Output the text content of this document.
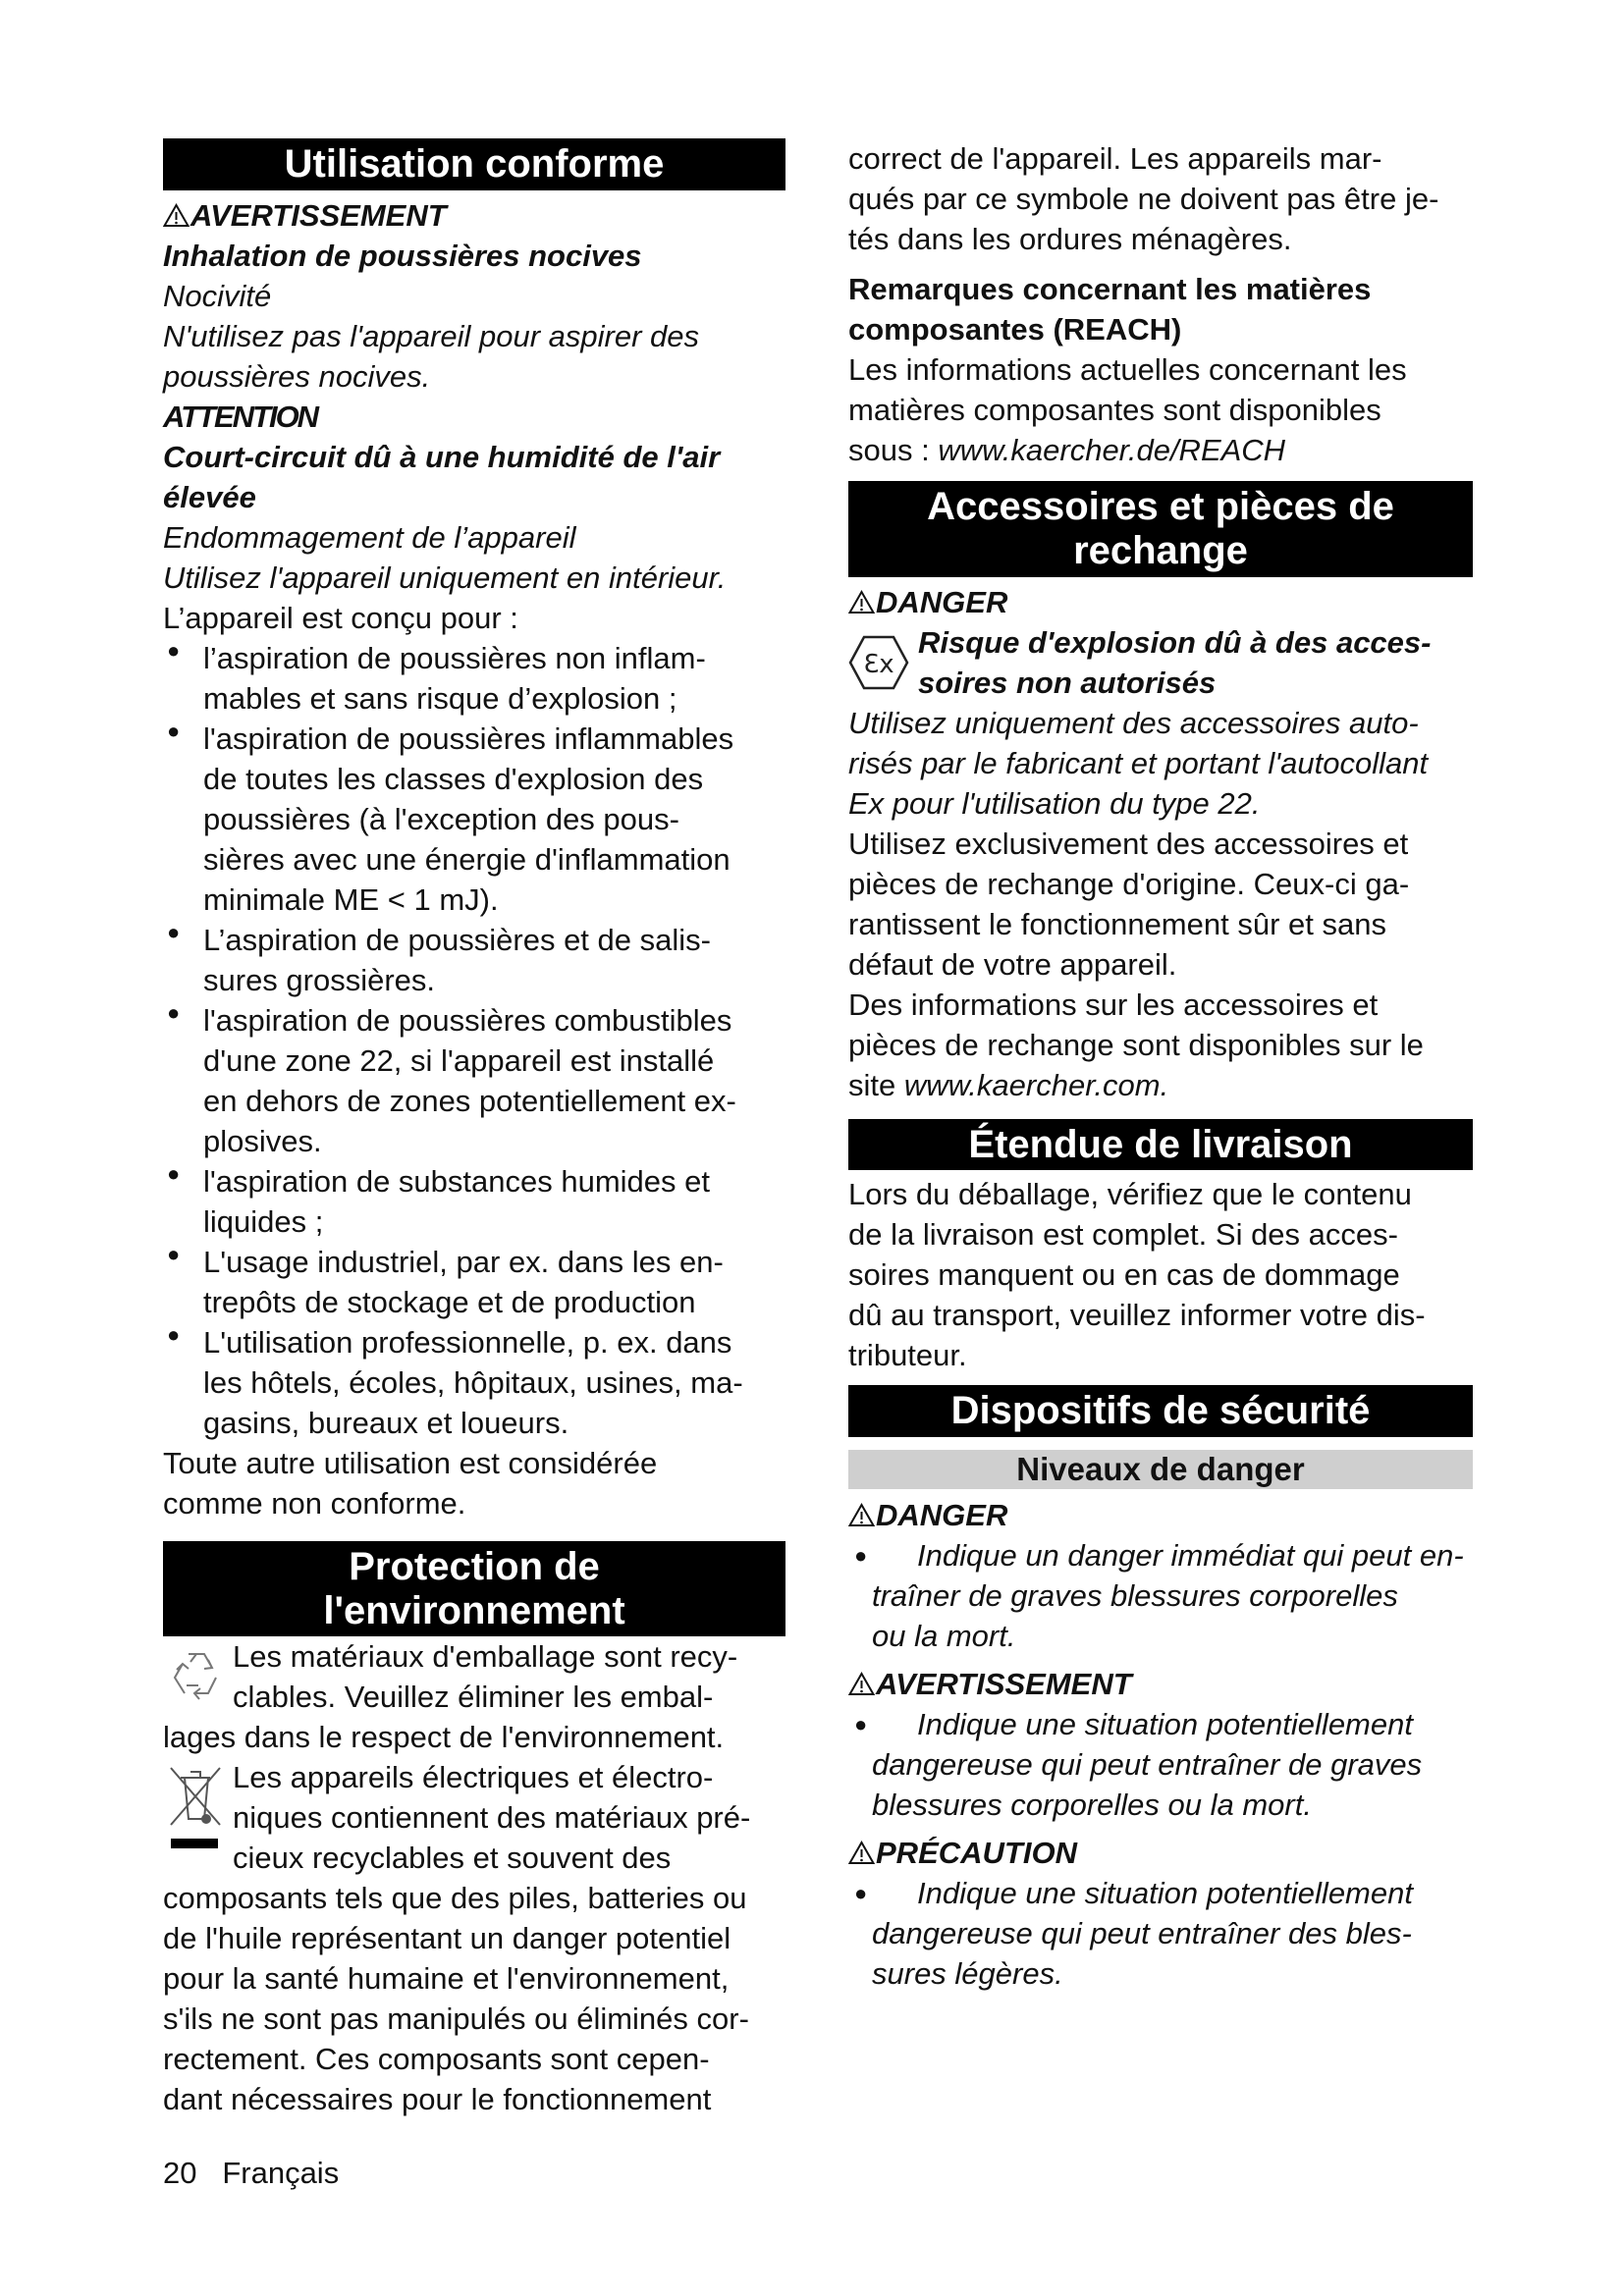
Utilisation conforme
AVERTISSEMENT
Inhalation de poussières nocives
Nocivité
N'utilisez pas l'appareil pour aspirer des
poussières nocives.
ATTENTION
Court-circuit dû à une humidité de l'air
élevée
Endommagement de l’appareil
Utilisez l'appareil uniquement en intérieur.
L’appareil est conçu pour :
● l’aspiration de poussières non inflam-
mables et sans risque d’explosion ;
● l'aspiration de poussières inflammables
de toutes les classes d'explosion des
poussières (à l'exception des pous-
sières avec une énergie d'inflammation
minimale ME < 1 mJ).
● L’aspiration de poussières et de salis-
sures grossières.
● l'aspiration de poussières combustibles
d'une zone 22, si l'appareil est installé
en dehors de zones potentiellement ex-
plosives.
● l'aspiration de substances humides et
liquides ;
● L'usage industriel, par ex. dans les en-
trepôts de stockage et de production
● L'utilisation professionnelle, p. ex. dans
les hôtels, écoles, hôpitaux, usines, ma-
gasins, bureaux et loueurs.
Toute autre utilisation est considérée
comme non conforme.
Protection de
l'environnement
Les matériaux d'emballage sont recy-
clables. Veuillez éliminer les embal-
lages dans le respect de l'environnement.
Les appareils électriques et électro-
niques contiennent des matériaux pré-
cieux recyclables et souvent des
composants tels que des piles, batteries ou
de l'huile représentant un danger potentiel
pour la santé humaine et l'environnement,
s'ils ne sont pas manipulés ou éliminés cor-
rectement. Ces composants sont cepen-
dant nécessaires pour le fonctionnement
20 Français
correct de l'appareil. Les appareils mar-
qués par ce symbole ne doivent pas être je-
tés dans les ordures ménagères.
Remarques concernant les matières
composantes (REACH)
Les informations actuelles concernant les
matières composantes sont disponibles
sous : www.kaercher.de/REACH
Accessoires et pièces de
rechange
DANGER
Ɛx
Risque d'explosion dû à des acces-
soires non autorisés
Utilisez uniquement des accessoires auto-
risés par le fabricant et portant l'autocollant
Ex pour l'utilisation du type 22.
Utilisez exclusivement des accessoires et
pièces de rechange d'origine. Ceux-ci ga-
rantissent le fonctionnement sûr et sans
défaut de votre appareil.
Des informations sur les accessoires et
pièces de rechange sont disponibles sur le
site www.kaercher.com.
Étendue de livraison
Lors du déballage, vérifiez que le contenu
de la livraison est complet. Si des acces-
soires manquent ou en cas de dommage
dû au transport, veuillez informer votre dis-
tributeur.
Dispositifs de sécurité
Niveaux de danger
DANGER
● Indique un danger immédiat qui peut en-
traîner de graves blessures corporelles
ou la mort.
AVERTISSEMENT
● Indique une situation potentiellement
dangereuse qui peut entraîner de graves
blessures corporelles ou la mort.
PRÉCAUTION
● Indique une situation potentiellement
dangereuse qui peut entraîner des bles-
sures légères.
